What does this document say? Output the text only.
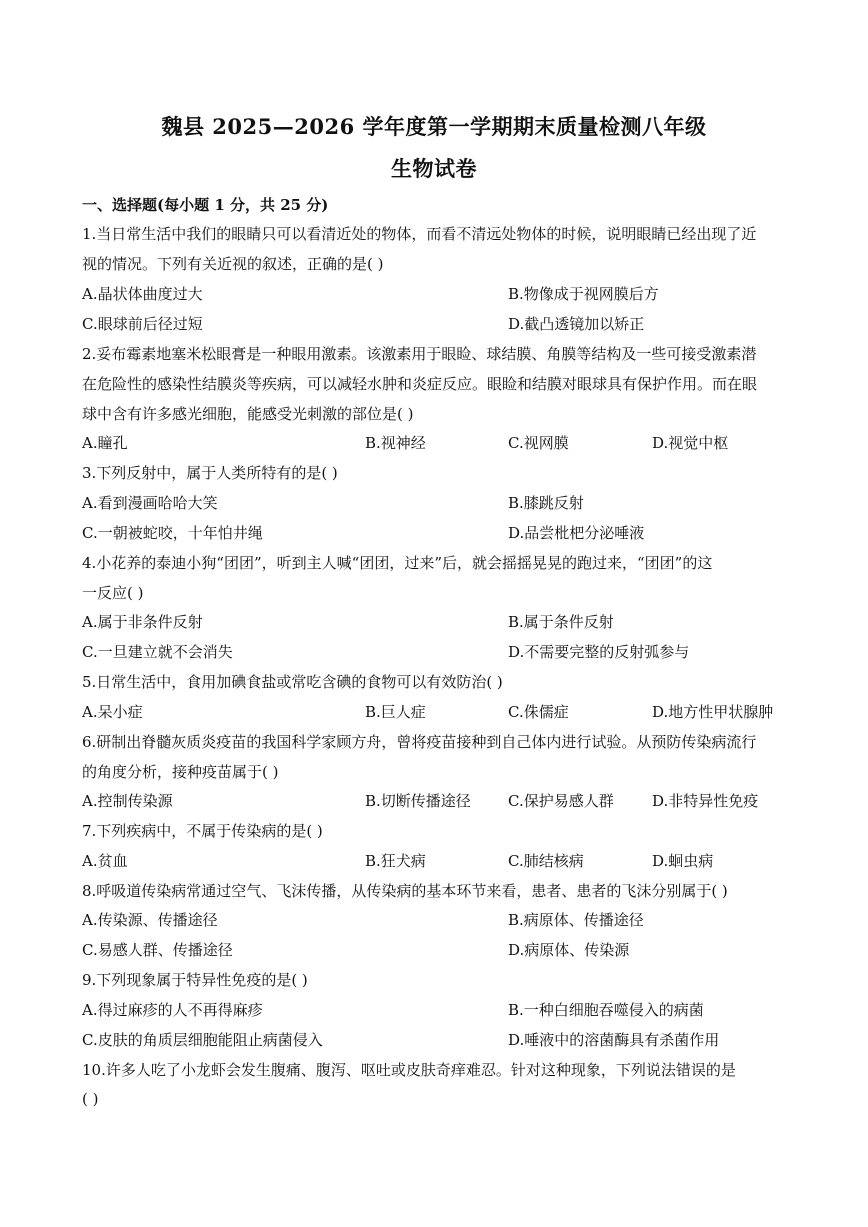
魏县 2025—2026 学年度第一学期期末质量检测八年级
生物试卷
一、选择题(每小题 1 分，共 25 分)
1.当日常生活中我们的眼睛只可以看清近处的物体，而看不清远处物体的时候，说明眼睛已经出现了近
视的情况。下列有关近视的叙述，正确的是( )
A.晶状体曲度过大	B.物像成于视网膜后方
C.眼球前后径过短	D.截凸透镜加以矫正
2.妥布霉素地塞米松眼膏是一种眼用激素。该激素用于眼睑、球结膜、角膜等结构及一些可接受激素潜
在危险性的感染性结膜炎等疾病，可以减轻水肿和炎症反应。眼睑和结膜对眼球具有保护作用。而在眼
球中含有许多感光细胞，能感受光刺激的部位是( )
A.瞳孔	B.视神经	C.视网膜	D.视觉中枢
3.下列反射中，属于人类所特有的是( )
A.看到漫画哈哈大笑	B.膝跳反射
C.一朝被蛇咬，十年怕井绳	D.品尝枇杷分泌唾液
4.小花养的泰迪小狗“团团”，听到主人喊“团团，过来”后，就会摇摇晃晃的跑过来，“团团”的这
一反应( )
A.属于非条件反射	B.属于条件反射
C.一旦建立就不会消失	D.不需要完整的反射弧参与
5.日常生活中，食用加碘食盐或常吃含碘的食物可以有效防治( )
A.呆小症	B.巨人症	C.侏儒症	D.地方性甲状腺肿
6.研制出脊髓灰质炎疫苗的我国科学家顾方舟，曾将疫苗接种到自己体内进行试验。从预防传染病流行
的角度分析，接种疫苗属于( )
A.控制传染源	B.切断传播途径 C.保护易感人群	D.非特异性免疫
7.下列疾病中，不属于传染病的是( )
A.贫血	B.狂犬病	C.肺结核病	D.蛔虫病
8.呼吸道传染病常通过空气、飞沫传播，从传染病的基本环节来看，患者、患者的飞沫分别属于( )
A.传染源、传播途径	B.病原体、传播途径
C.易感人群、传播途径	D.病原体、传染源
9.下列现象属于特异性免疫的是( )
A.得过麻疹的人不再得麻疹	B.一种白细胞吞噬侵入的病菌
C.皮肤的角质层细胞能阻止病菌侵入	D.唾液中的溶菌酶具有杀菌作用
10.许多人吃了小龙虾会发生腹痛、腹泻、呕吐或皮肤奇痒难忍。针对这种现象，下列说法错误的是
( )
